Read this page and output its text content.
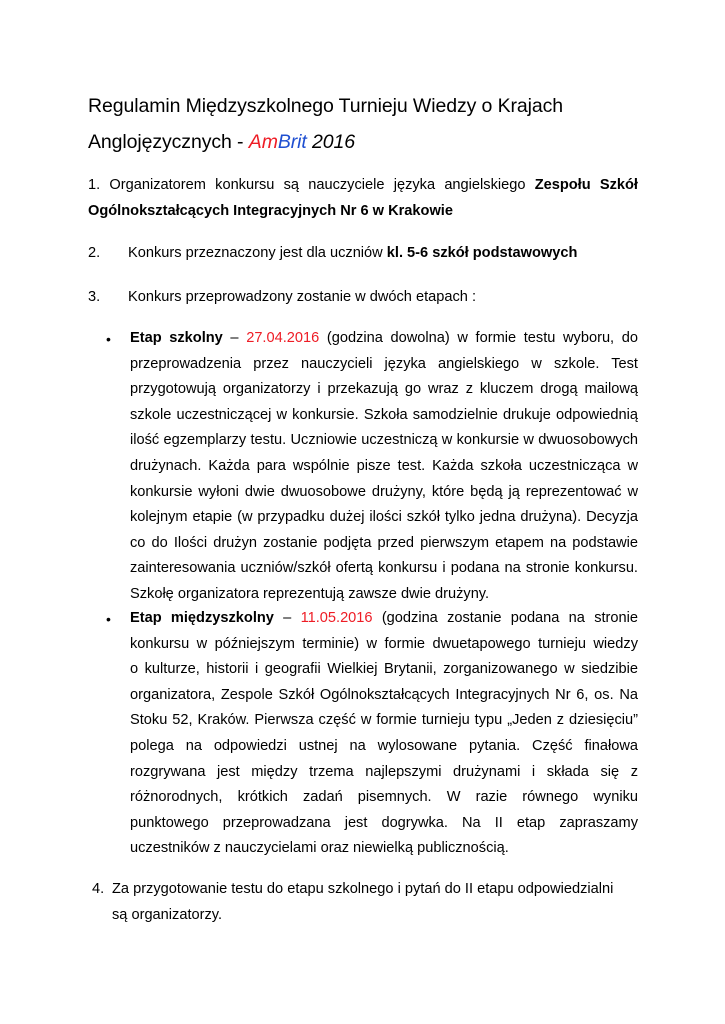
Regulamin Międzyszkolnego Turnieju Wiedzy o Krajach
Anglojęzycznych - AmBrit 2016
1. Organizatorem konkursu są nauczyciele języka angielskiego Zespołu Szkół
Ogólnokształcących Integracyjnych Nr 6 w Krakowie
2. Konkurs przeznaczony jest dla uczniów kl. 5-6 szkół podstawowych
3. Konkurs przeprowadzony zostanie w dwóch etapach :
• Etap szkolny – 27.04.2016 (godzina dowolna) w formie testu wyboru, do
przeprowadzenia przez nauczycieli języka angielskiego w szkole. Test
przygotowują organizatorzy i przekazują go wraz z kluczem drogą mailową
szkole uczestniczącej w konkursie. Szkoła samodzielnie drukuje odpowiednią
ilość egzemplarzy testu. Uczniowie uczestniczą w konkursie w dwuosobowych
drużynach. Każda para wspólnie pisze test. Każda szkoła uczestnicząca w
konkursie wyłoni dwie dwuosobowe drużyny, które będą ją reprezentować w
kolejnym etapie (w przypadku dużej ilości szkół tylko jedna drużyna). Decyzja
co do Ilości drużyn zostanie podjęta przed pierwszym etapem na podstawie
zainteresowania uczniów/szkół ofertą konkursu i podana na stronie konkursu.
Szkołę organizatora reprezentują zawsze dwie drużyny.
• Etap międzyszkolny – 11.05.2016 (godzina zostanie podana na stronie
konkursu w późniejszym terminie) w formie dwuetapowego turnieju wiedzy
o kulturze, historii i geografii Wielkiej Brytanii, zorganizowanego w siedzibie
organizatora, Zespole Szkół Ogólnokształcących Integracyjnych Nr 6, os. Na
Stoku 52, Kraków. Pierwsza część w formie turnieju typu „Jeden z dziesięciu”
polega na odpowiedzi ustnej na wylosowane pytania. Część finałowa
rozgrywana jest między trzema najlepszymi drużynami i składa się z
różnorodnych, krótkich zadań pisemnych. W razie równego wyniku
punktowego przeprowadzana jest dogrywka. Na II etap zapraszamy
uczestników z nauczycielami oraz niewielką publicznością.
4. Za przygotowanie testu do etapu szkolnego i pytań do II etapu odpowiedzialni
są organizatorzy.
